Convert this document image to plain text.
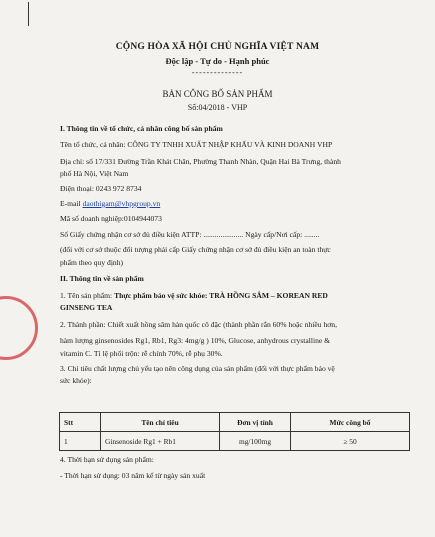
CỘNG HÒA XÃ HỘI CHỦ NGHĨA VIỆT NAM
Độc lập - Tự do - Hạnh phúc
--------------
BẢN CÔNG BỐ SẢN PHẨM
Số:04/2018 - VHP
I. Thông tin về tổ chức, cá nhân công bố sản phẩm
Tên tổ chức, cá nhân: CÔNG TY TNHH XUẤT NHẬP KHẨU VÀ KINH DOANH VHP
Địa chỉ: số 17/331 Đường Trần Khát Chân, Phường Thanh Nhàn, Quận Hai Bà Trưng, thành
phố Hà Nội, Việt Nam
Điện thoại: 0243 972 8734
E-mail daothigam@vhpgroup.vn
Mã số doanh nghiệp:0104944073
Số Giấy chứng nhận cơ sở đủ điều kiện ATTP: ..................... Ngày cấp/Nơi cấp: ........
(đối với cơ sở thuộc đối tượng phải cấp Giấy chứng nhận cơ sở đủ điều kiện an toàn thực
phẩm theo quy định)
II. Thông tin về sản phẩm
1. Tên sản phẩm: Thực phẩm bảo vệ sức khỏe: TRÀ HỒNG SÂM – KOREAN RED
GINSENG TEA
2. Thành phần: Chiết xuất hồng sâm hàn quốc cô đặc (thành phần rắn 60% hoặc nhiều hơn,
hàm lượng ginsenosides Rg1, Rb1, Rg3: 4mg/g ) 10%, Glucose, anhydrous crystalline &
vitamin C. Tỉ lệ phối trộn: rễ chính 70%, rễ phụ 30%.
3. Chỉ tiêu chất lượng chủ yếu tạo nên công dụng của sản phẩm (đối với thực phẩm bảo vệ
sức khỏe):
Stt	Tên chỉ tiêu	Đơn vị tính	Mức công bố
1	Ginsenoside Rg1 + Rb1	mg/100mg	≥ 50
4. Thời hạn sử dụng sản phẩm:
- Thời hạn sử dụng: 03 năm kể từ ngày sản xuất
